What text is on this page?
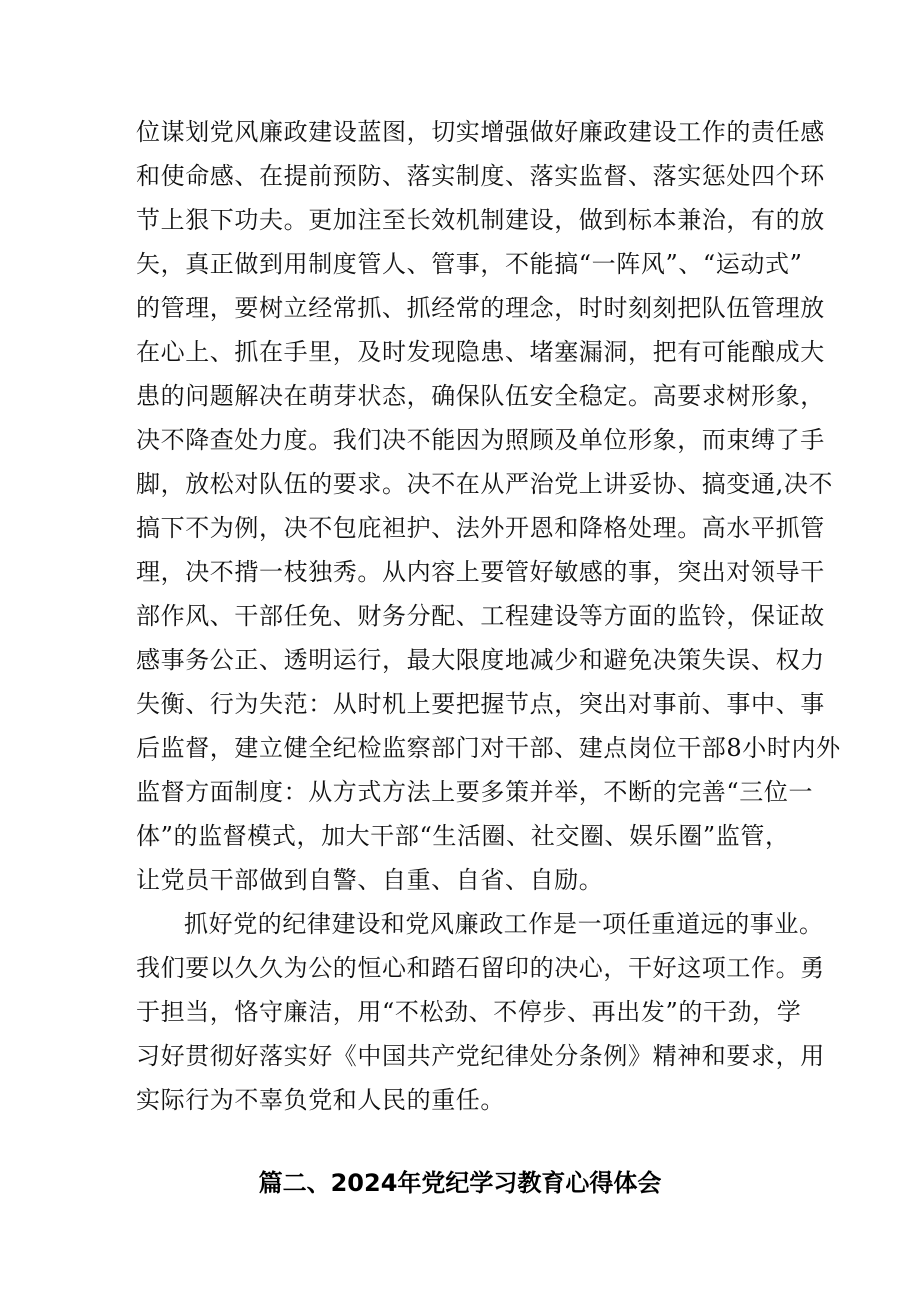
位谋划党风廉政建设蓝图，切实增强做好廉政建设工作的责任感
和使命感、在提前预防、落实制度、落实监督、落实惩处四个环
节上狠下功夫。更加注至长效机制建设，做到标本兼治，有的放
矢，真正做到用制度管人、管事，不能搞“一阵风”、“运动式”
的管理，要树立经常抓、抓经常的理念，时时刻刻把队伍管理放
在心上、抓在手里，及时发现隐患、堵塞漏洞，把有可能酿成大
患的问题解决在萌芽状态，确保队伍安全稳定。高要求树形象，
决不降查处力度。我们决不能因为照顾及单位形象，而束缚了手
脚，放松对队伍的要求。决不在从严治党上讲妥协、搞变通,决不
搞下不为例，决不包庇袒护、法外开恩和降格处理。高水平抓管
理，决不揹一枝独秀。从内容上要管好敏感的事，突出对领导干
部作风、干部任免、财务分配、工程建设等方面的监铃，保证故
感事务公正、透明运行，最大限度地减少和避免决策失误、权力
失衡、行为失范：从时机上要把握节点，突出对事前、事中、事
后监督，建立健全纪检监察部门对干部、建点岗位干部8小时内外
监督方面制度：从方式方法上要多策并举，不断的完善“三位一
体”的监督模式，加大干部“生活圈、社交圈、娱乐圈”监管，
让党员干部做到自警、自重、自省、自励。
抓好党的纪律建设和党风廉政工作是一项任重道远的事业。
我们要以久久为公的恒心和踏石留印的决心，干好这项工作。勇
于担当，恪守廉洁，用“不松劲、不停步、再出发”的干劲，学
习好贯彻好落实好《中国共产党纪律处分条例》精神和要求，用
实际行为不辜负党和人民的重任。
篇二、2024年党纪学习教育心得体会
